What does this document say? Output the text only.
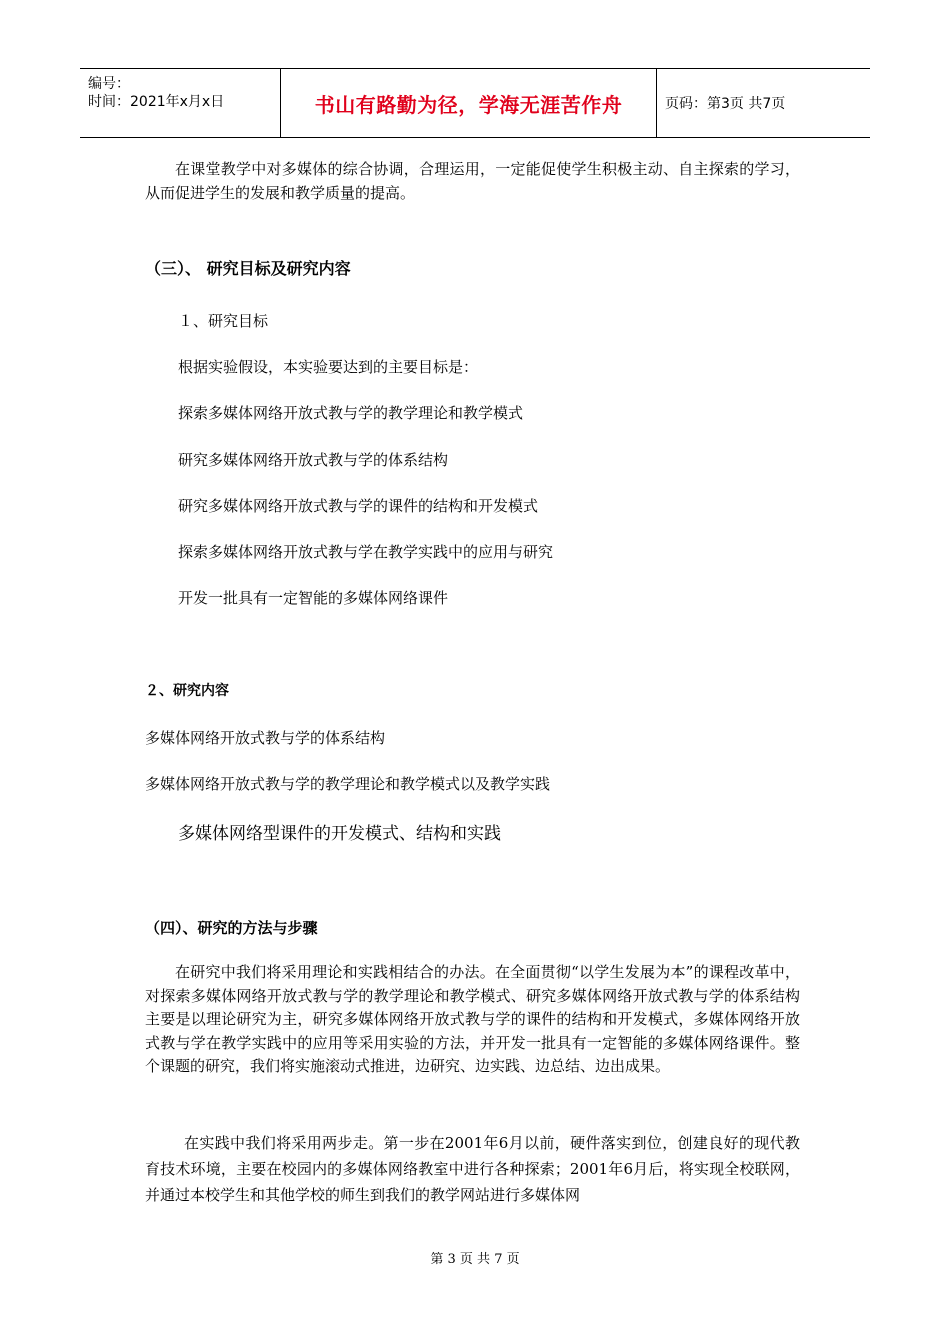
编号：
时间：2021年x月x日	书山有路勤为径，学海无涯苦作舟	页码：第3页 共7页
在课堂教学中对多媒体的综合协调，合理运用，一定能促使学生积极主动、自主探索的学习，从而促进学生的发展和教学质量的提高。
（三）、 研究目标及研究内容
１、研究目标
根据实验假设，本实验要达到的主要目标是：
探索多媒体网络开放式教与学的教学理论和教学模式
研究多媒体网络开放式教与学的体系结构
研究多媒体网络开放式教与学的课件的结构和开发模式
探索多媒体网络开放式教与学在教学实践中的应用与研究
开发一批具有一定智能的多媒体网络课件
２、研究内容
多媒体网络开放式教与学的体系结构
多媒体网络开放式教与学的教学理论和教学模式以及教学实践
多媒体网络型课件的开发模式、结构和实践
（四）、研究的方法与步骤
在研究中我们将采用理论和实践相结合的办法。在全面贯彻“以学生发展为本”的课程改革中，对探索多媒体网络开放式教与学的教学理论和教学模式、研究多媒体网络开放式教与学的体系结构主要是以理论研究为主，研究多媒体网络开放式教与学的课件的结构和开发模式，多媒体网络开放式教与学在教学实践中的应用等采用实验的方法，并开发一批具有一定智能的多媒体网络课件。整个课题的研究，我们将实施滚动式推进，边研究、边实践、边总结、边出成果。
在实践中我们将采用两步走。第一步在2001年6月以前，硬件落实到位，创建良好的现代教育技术环境，主要在校园内的多媒体网络教室中进行各种探索；2001年6月后，将实现全校联网，并通过本校学生和其他学校的师生到我们的教学网站进行多媒体网
第 3 页 共 7 页
